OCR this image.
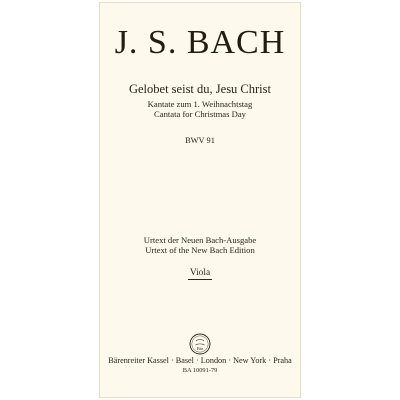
J. S. BACH
Gelobet seist du, Jesu Christ
Kantate zum 1. Weihnachtstag
Cantata for Christmas Day
BWV 91
Urtext der Neuen Bach-Ausgabe
Urtext of the New Bach Edition
Viola
Bär
Bärenreiter Kassel · Basel · London · New York · Praha
BA 10091-79
